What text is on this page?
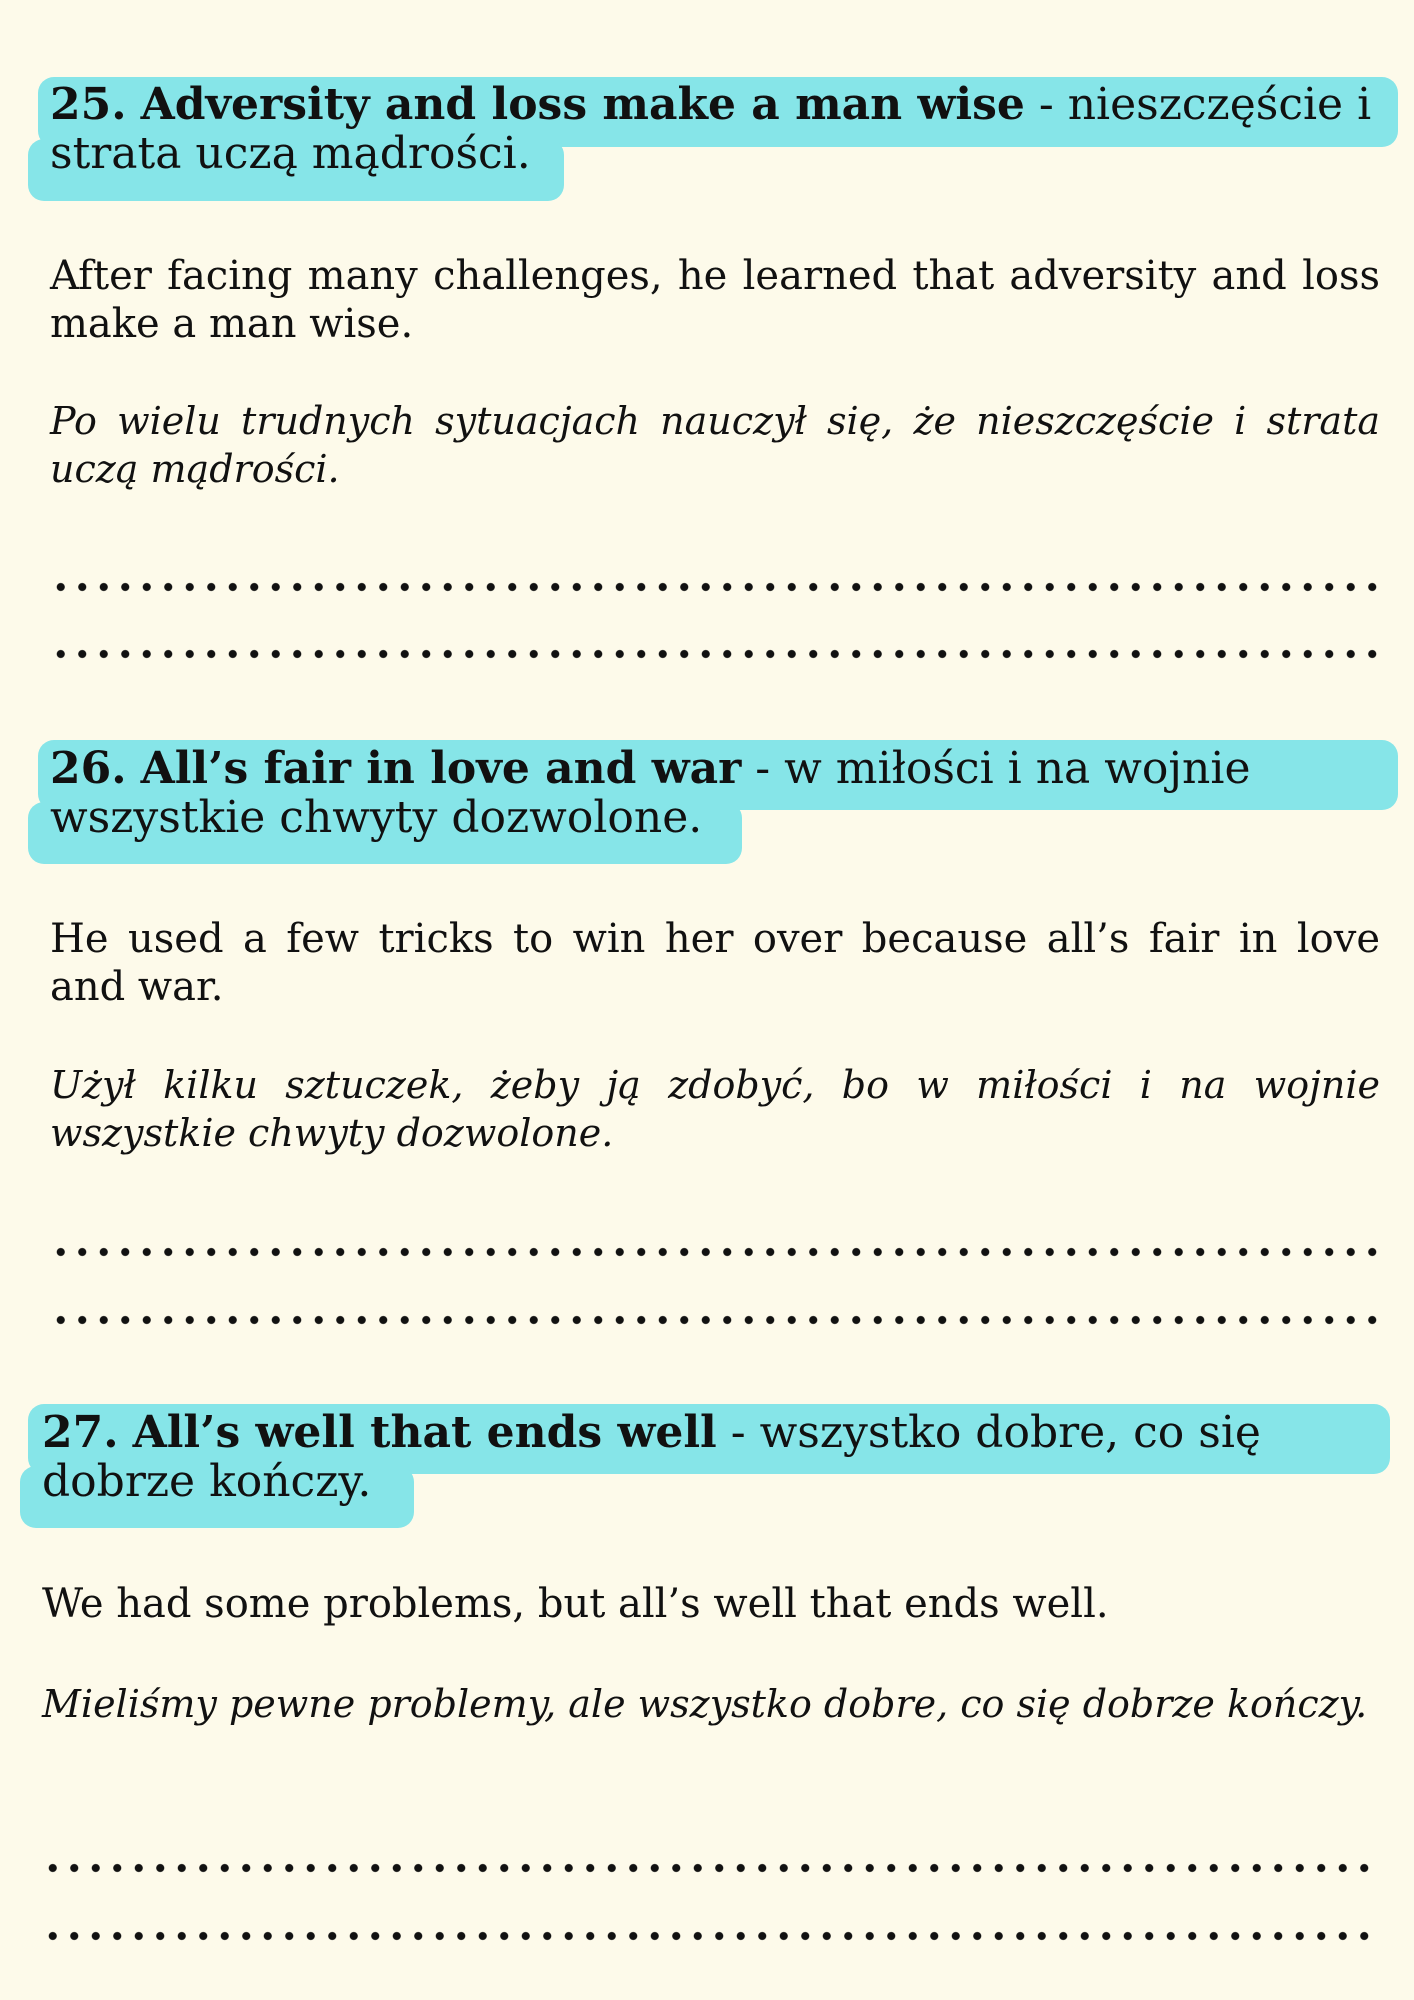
25. Adversity and loss make a man wise - nieszczęście i
strata uczą mądrości.

After facing many challenges, he learned that adversity and loss make a man wise.

Po wielu trudnych sytuacjach nauczył się, że nieszczęście i strata uczą mądrości.

26. All’s fair in love and war - w miłości i na wojnie
wszystkie chwyty dozwolone.

He used a few tricks to win her over because all’s fair in love and war.

Użył kilku sztuczek, żeby ją zdobyć, bo w miłości i na wojnie wszystkie chwyty dozwolone.

27. All’s well that ends well - wszystko dobre, co się
dobrze kończy.

We had some problems, but all’s well that ends well.

Mieliśmy pewne problemy, ale wszystko dobre, co się dobrze kończy.
